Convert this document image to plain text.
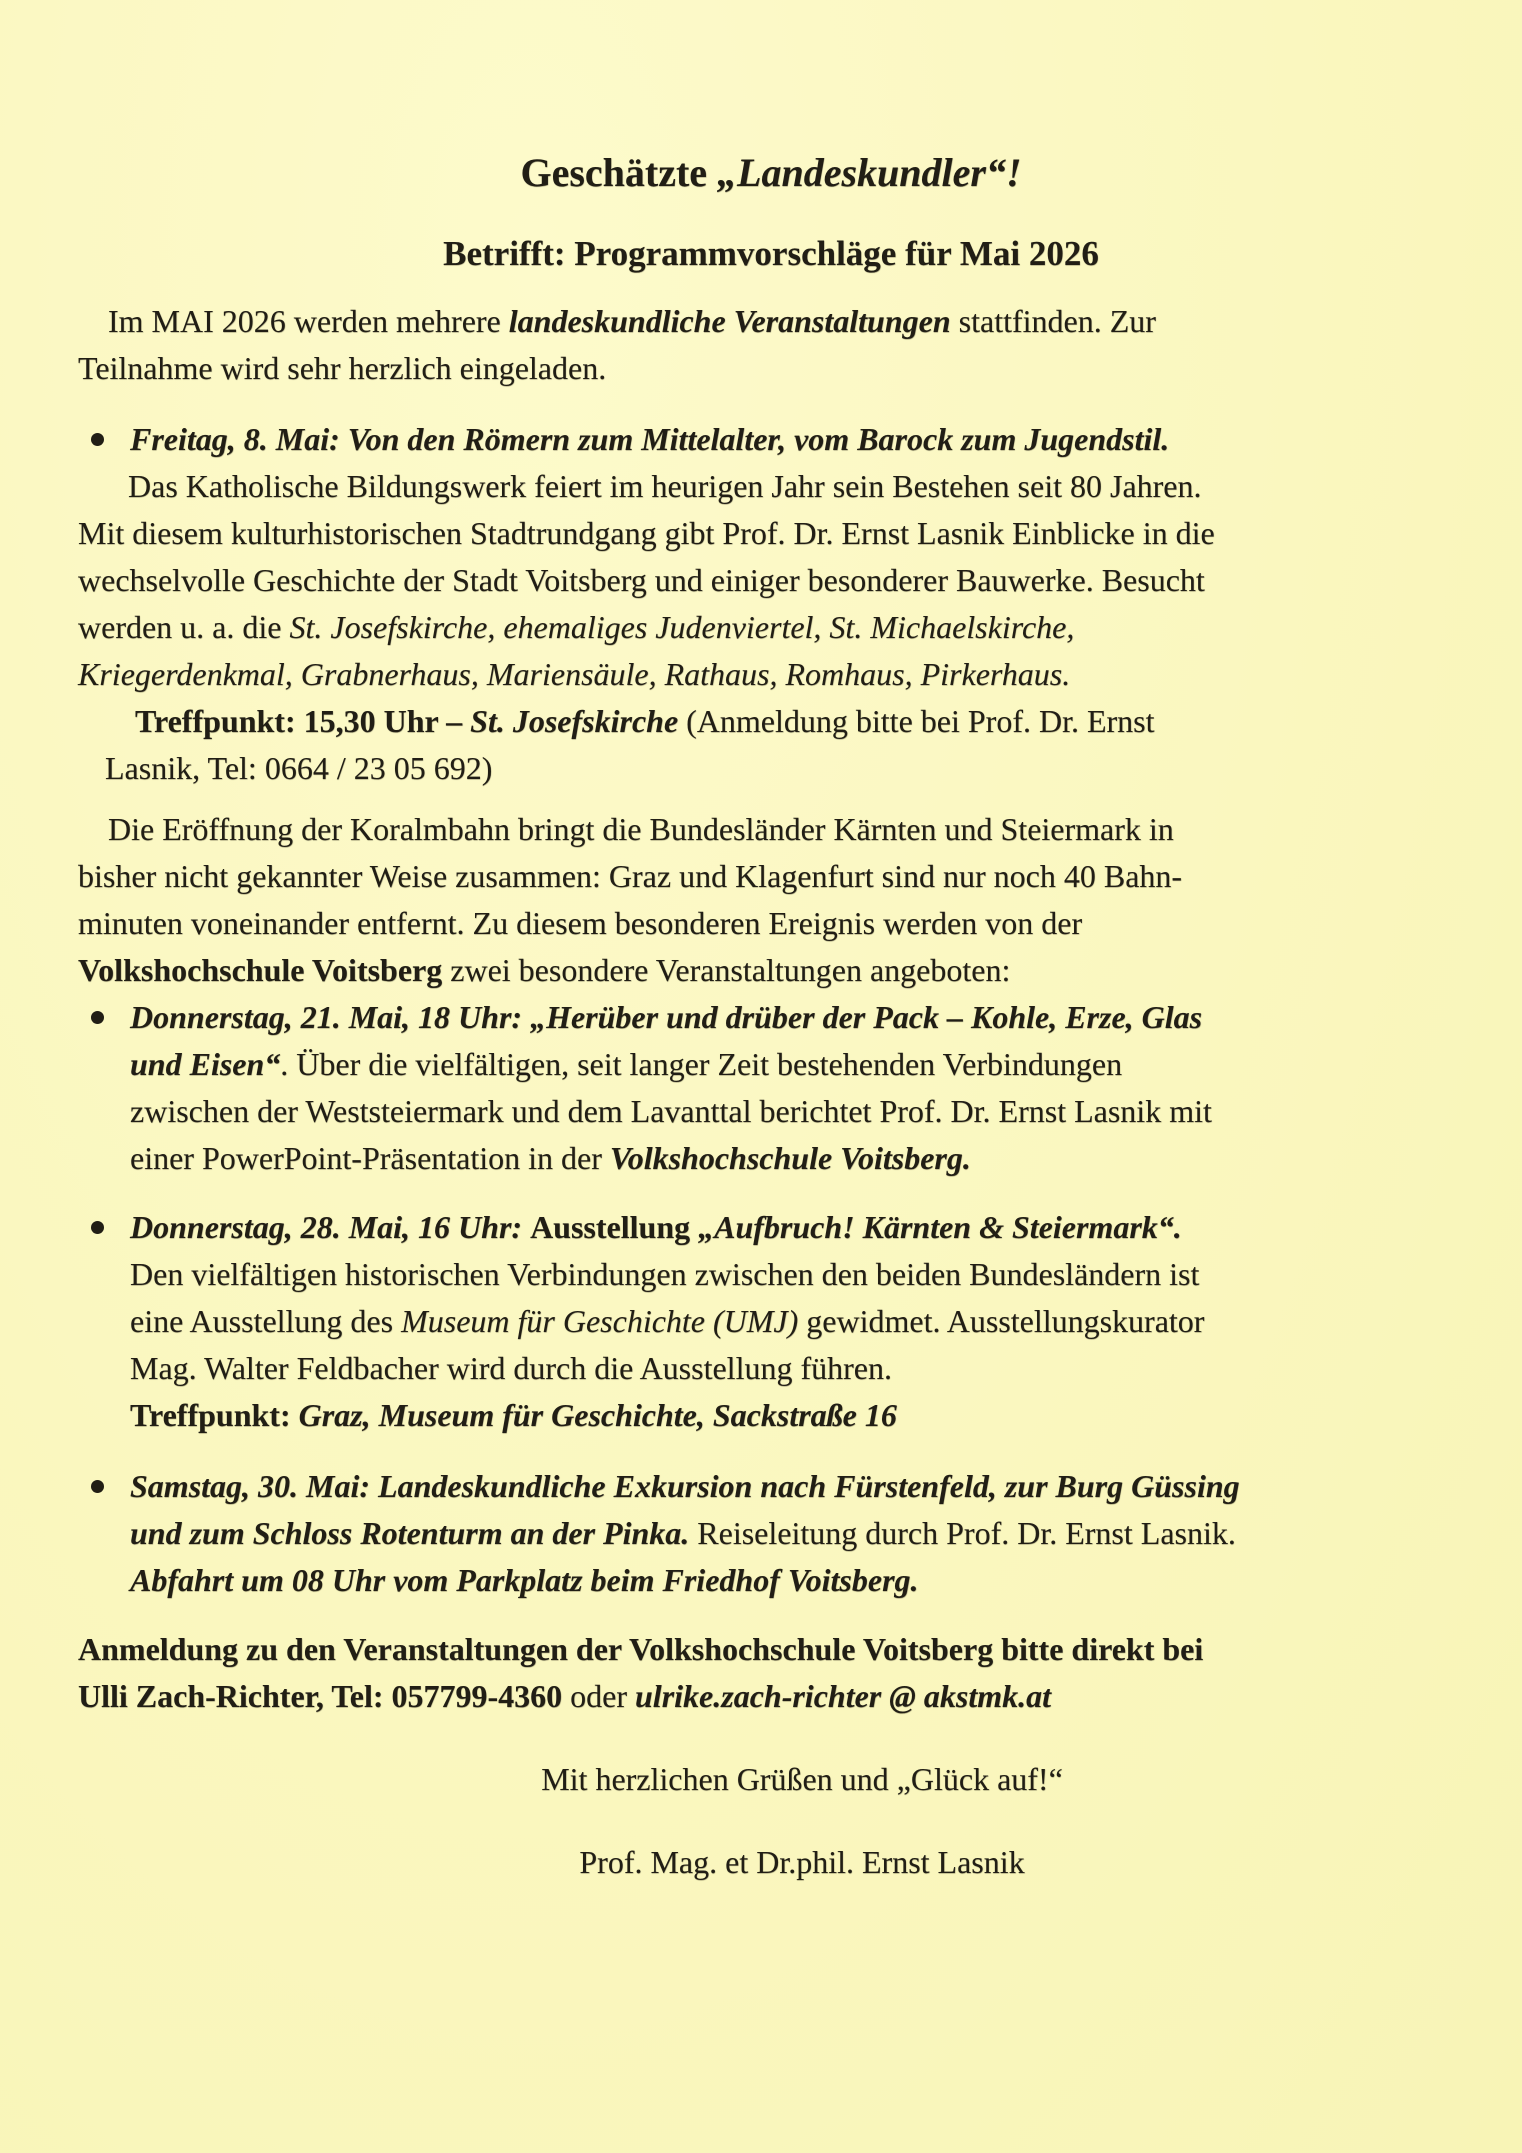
Geschätzte „Landeskundler“!
Betrifft: Programmvorschläge für Mai 2026
Im MAI 2026 werden mehrere landeskundliche Veranstaltungen stattfinden. Zur
Teilnahme wird sehr herzlich eingeladen.
Freitag, 8. Mai: Von den Römern zum Mittelalter, vom Barock zum Jugendstil.
Das Katholische Bildungswerk feiert im heurigen Jahr sein Bestehen seit 80 Jahren.
Mit diesem kulturhistorischen Stadtrundgang gibt Prof. Dr. Ernst Lasnik Einblicke in die
wechselvolle Geschichte der Stadt Voitsberg und einiger besonderer Bauwerke. Besucht
werden u. a. die St. Josefskirche, ehemaliges Judenviertel, St. Michaelskirche,
Kriegerdenkmal, Grabnerhaus, Mariensäule, Rathaus, Romhaus, Pirkerhaus.
Treffpunkt: 15,30 Uhr – St. Josefskirche (Anmeldung bitte bei Prof. Dr. Ernst
Lasnik, Tel: 0664 / 23 05 692)
Die Eröffnung der Koralmbahn bringt die Bundesländer Kärnten und Steiermark in
bisher nicht gekannter Weise zusammen: Graz und Klagenfurt sind nur noch 40 Bahn-
minuten voneinander entfernt. Zu diesem besonderen Ereignis werden von der
Volkshochschule Voitsberg zwei besondere Veranstaltungen angeboten:
Donnerstag, 21. Mai, 18 Uhr: „Herüber und drüber der Pack – Kohle, Erze, Glas
und Eisen“. Über die vielfältigen, seit langer Zeit bestehenden Verbindungen
zwischen der Weststeiermark und dem Lavanttal berichtet Prof. Dr. Ernst Lasnik mit
einer PowerPoint-Präsentation in der Volkshochschule Voitsberg.
Donnerstag, 28. Mai, 16 Uhr: Ausstellung „Aufbruch! Kärnten & Steiermark“.
Den vielfältigen historischen Verbindungen zwischen den beiden Bundesländern ist
eine Ausstellung des Museum für Geschichte (UMJ) gewidmet. Ausstellungskurator
Mag. Walter Feldbacher wird durch die Ausstellung führen.
Treffpunkt: Graz, Museum für Geschichte, Sackstraße 16
Samstag, 30. Mai: Landeskundliche Exkursion nach Fürstenfeld, zur Burg Güssing
und zum Schloss Rotenturm an der Pinka. Reiseleitung durch Prof. Dr. Ernst Lasnik.
Abfahrt um 08 Uhr vom Parkplatz beim Friedhof Voitsberg.
Anmeldung zu den Veranstaltungen der Volkshochschule Voitsberg bitte direkt bei
Ulli Zach-Richter, Tel: 057799-4360 oder ulrike.zach-richter @ akstmk.at
Mit herzlichen Grüßen und „Glück auf!“
Prof. Mag. et Dr.phil. Ernst Lasnik
